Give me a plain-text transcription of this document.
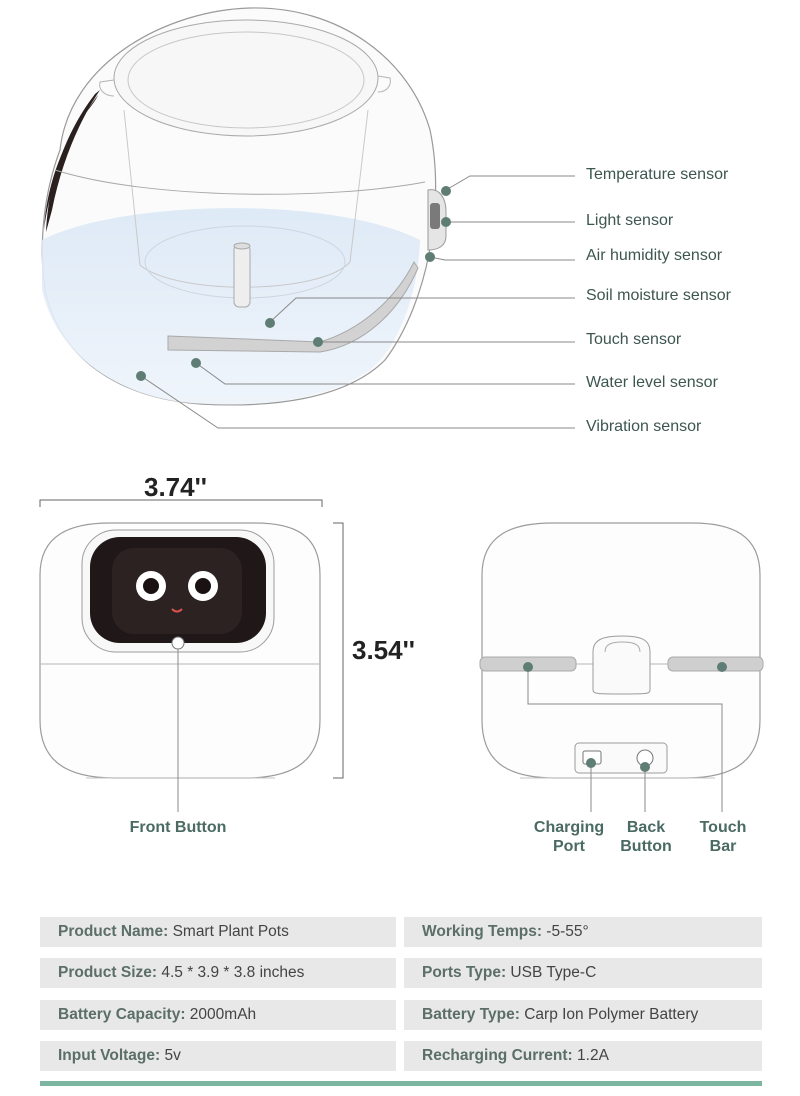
Temperature sensor
Light sensor
Air humidity sensor
Soil moisture sensor
Touch sensor
Water level sensor
Vibration sensor
3.74''
3.54''
Front Button	Charging
Port
Back
Button
Touch
Bar
Product Name: Smart Plant Pots	Working Temps: -5-55°
Product Size: 4.5 * 3.9 * 3.8 inches	Ports Type: USB Type-C
Battery Capacity: 2000mAh	Battery Type: Carp Ion Polymer Battery
Input Voltage: 5v	Recharging Current: 1.2A
